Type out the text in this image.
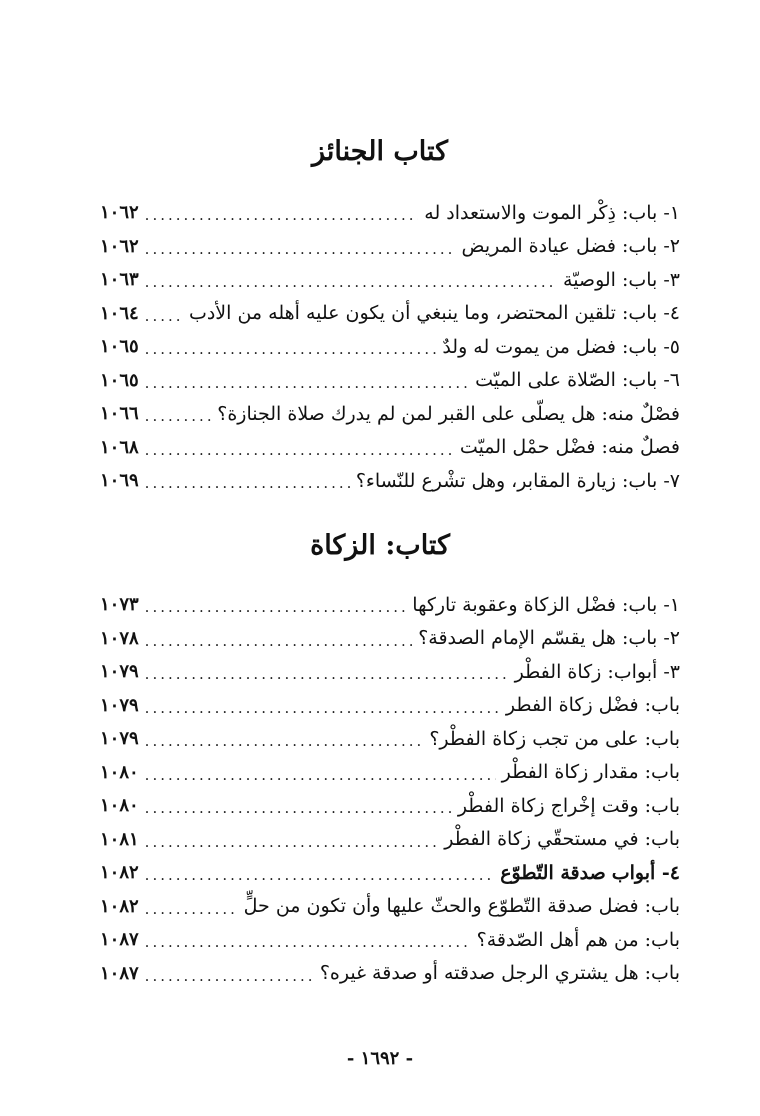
كتاب الجنائز
١- باب:
ذِكْر الموت والاستعداد له
.....
١٠٦٢
٢- باب:
فضل عيادة المريض
.....
١٠٦٢
٣- باب:
الوصيّة
.....
١٠٦٣
٤- باب:
تلقين المحتضر، وما ينبغي أن يكون عليه أهله من الأدب
.....
١٠٦٤
٥- باب:
فضل من يموت له ولدٌ
.....
١٠٦٥
٦- باب:
الصّلاة على الميّت
.....
١٠٦٥
فصْلٌ منه:
هل يصلّى على القبر لمن لم يدرك صلاة الجنازة؟
.....
١٠٦٦
فصلٌ منه:
فضْل حمْل الميّت
.....
١٠٦٨
٧- باب:
زيارة المقابر، وهل تشْرع للنّساء؟
.....
١٠٦٩
كتاب: الزكاة
١- باب:
فضْل الزكاة وعقوبة تاركها
.....
١٠٧٣
٢- باب:
هل يقسّم الإمام الصدقة؟
.....
١٠٧٨
٣- أبواب:
زكاة الفطْر
.....
١٠٧٩
باب:
فضْل زكاة الفطر
.....
١٠٧٩
باب:
على من تجب زكاة الفطْر؟
.....
١٠٧٩
باب:
مقدار زكاة الفطْر
.....
١٠٨٠
باب:
وقت إخْراج زكاة الفطْر
.....
١٠٨٠
باب:
في مستحقّي زكاة الفطْر
.....
١٠٨١
٤- أبواب
صدقة التّطوّع
.....
١٠٨٢
باب:
فضل صدقة التّطوّع والحثّ عليها وأن تكون من حلٍّ
.....
١٠٨٢
باب:
من هم أهل الصّدقة؟
.....
١٠٨٧
باب:
هل يشتري الرجل صدقته أو صدقة غيره؟
.....
١٠٨٧
- ١٦٩٢ -
